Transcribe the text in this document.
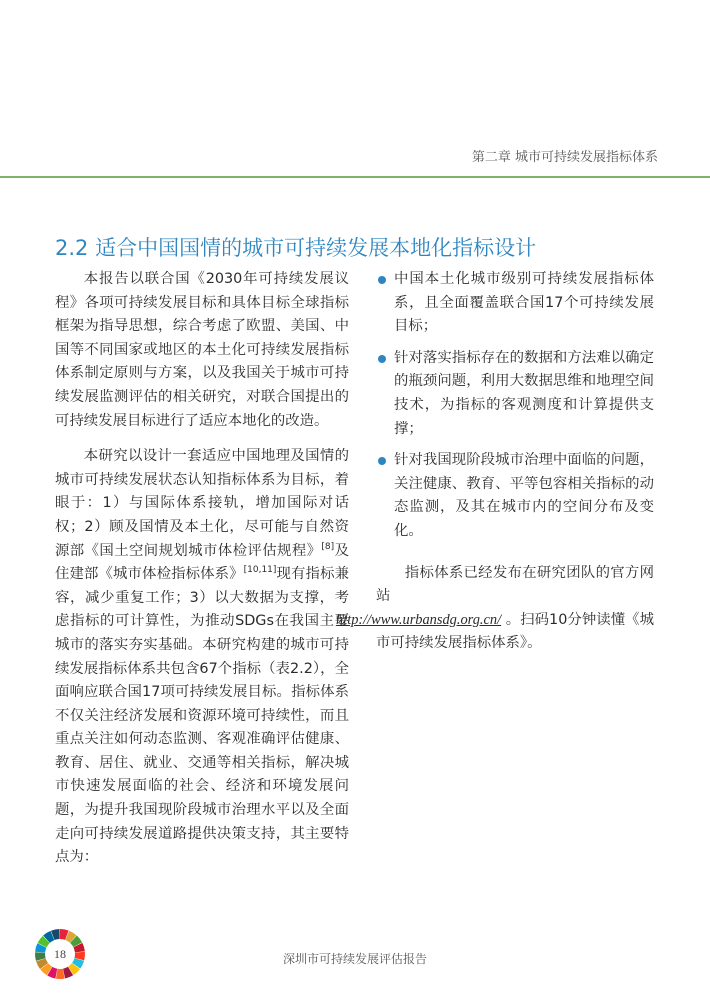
第二章 城市可持续发展指标体系
2.2 适合中国国情的城市可持续发展本地化指标设计

本报告以联合国《2030年可持续发展议程》各项可持续发展目标和具体目标全球指标框架为指导思想，综合考虑了欧盟、美国、中国等不同国家或地区的本土化可持续发展指标体系制定原则与方案，以及我国关于城市可持续发展监测评估的相关研究，对联合国提出的可持续发展目标进行了适应本地化的改造。

本研究以设计一套适应中国地理及国情的城市可持续发展状态认知指标体系为目标，着眼于：1）与国际体系接轨，增加国际对话权；2）顾及国情及本土化，尽可能与自然资源部《国土空间规划城市体检评估规程》[8]及住建部《城市体检指标体系》[10,11]现有指标兼容，减少重复工作；3）以大数据为支撑，考虑指标的可计算性，为推动SDGs在我国主要城市的落实夯实基础。本研究构建的城市可持续发展指标体系共包含67个指标（表2.2），全面响应联合国17项可持续发展目标。指标体系不仅关注经济发展和资源环境可持续性，而且重点关注如何动态监测、客观准确评估健康、教育、居住、就业、交通等相关指标，解决城市快速发展面临的社会、经济和环境发展问题，为提升我国现阶段城市治理水平以及全面走向可持续发展道路提供决策支持，其主要特点为：

中国本土化城市级别可持续发展指标体系，且全面覆盖联合国17个可持续发展目标；
针对落实指标存在的数据和方法难以确定的瓶颈问题，利用大数据思维和地理空间技术，为指标的客观测度和计算提供支撑；
针对我国现阶段城市治理中面临的问题，关注健康、教育、平等包容相关指标的动态监测，及其在城市内的空间分布及变化。

指标体系已经发布在研究团队的官方网站
http://www.urbansdg.org.cn/ 。扫码10分钟读懂《城市可持续发展指标体系》。

18	深圳市可持续发展评估报告
